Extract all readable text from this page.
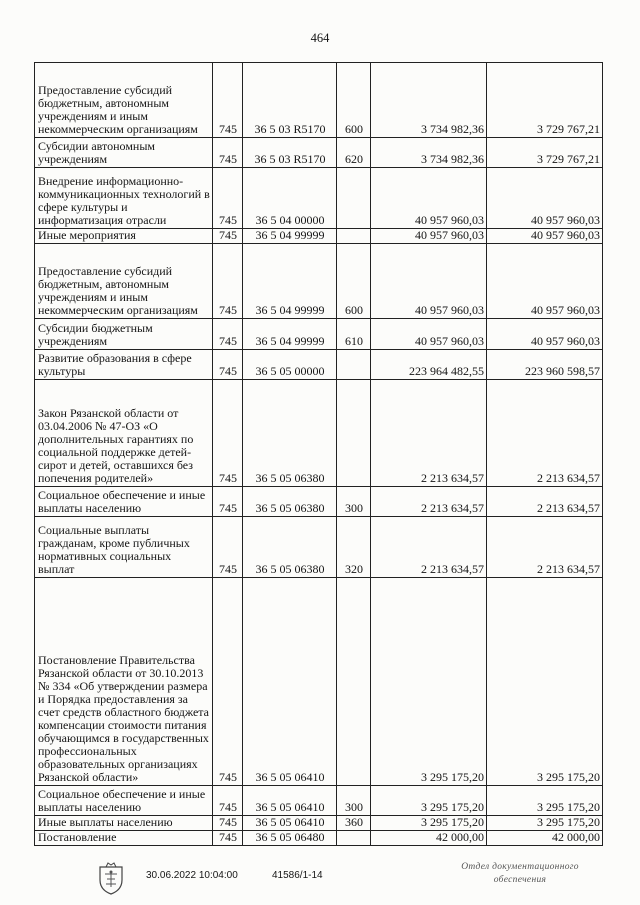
464
Предоставление субсидий бюджетным, автономным учреждениям и иным некоммерческим организациям	745	36 5 03 R5170	600	3 734 982,36	3 729 767,21
Субсидии автономным учреждениям	745	36 5 03 R5170	620	3 734 982,36	3 729 767,21
Внедрение информационно-коммуникационных технологий в сфере культуры и информатизация отрасли	745	36 5 04 00000		40 957 960,03	40 957 960,03
Иные мероприятия	745	36 5 04 99999		40 957 960,03	40 957 960,03
Предоставление субсидий бюджетным, автономным учреждениям и иным некоммерческим организациям	745	36 5 04 99999	600	40 957 960,03	40 957 960,03
Субсидии бюджетным учреждениям	745	36 5 04 99999	610	40 957 960,03	40 957 960,03
Развитие образования в сфере культуры	745	36 5 05 00000		223 964 482,55	223 960 598,57
Закон Рязанской области от 03.04.2006 № 47-ОЗ «О дополнительных гарантиях по социальной поддержке детей-сирот и детей, оставшихся без попечения родителей»	745	36 5 05 06380		2 213 634,57	2 213 634,57
Социальное обеспечение и иные выплаты населению	745	36 5 05 06380	300	2 213 634,57	2 213 634,57
Социальные выплаты гражданам, кроме публичных нормативных социальных выплат	745	36 5 05 06380	320	2 213 634,57	2 213 634,57
Постановление Правительства Рязанской области от 30.10.2013 № 334 «Об утверждении размера и Порядка предоставления за счет средств областного бюджета компенсации стоимости питания обучающимся в государственных профессиональных образовательных организациях Рязанской области»	745	36 5 05 06410		3 295 175,20	3 295 175,20
Социальное обеспечение и иные выплаты населению	745	36 5 05 06410	300	3 295 175,20	3 295 175,20
Иные выплаты населению	745	36 5 05 06410	360	3 295 175,20	3 295 175,20
Постановление	745	36 5 05 06480		42 000,00	42 000,00
30.06.2022 10:04:00	41586/1-14
Отдел документационного
обеспечения
